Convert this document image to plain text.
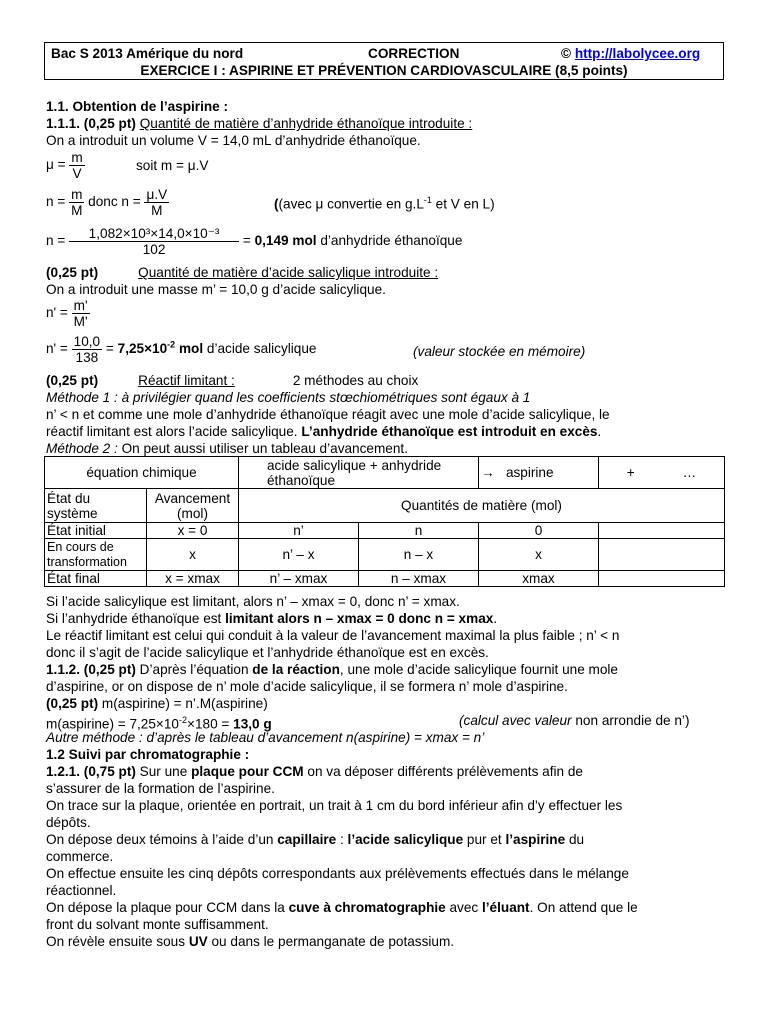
Bac S 2013 Amérique du nord	CORRECTION	© http://labolycee.org
EXERCICE I : ASPIRINE ET PRÉVENTION CARDIOVASCULAIRE (8,5 points)
1.1. Obtention de l’aspirine :
1.1.1. (0,25 pt) Quantité de matière d’anhydride éthanoïque introduite :
On a introduit un volume V = 14,0 mL d’anhydride éthanoïque.
$\mu = \frac{m}{V}$	soit m = μ.V
$n = \frac{m}{M}$ donc $n = \frac{\mu.V}{M}$	((avec μ convertie en $g.L^{-1}$ et V en L)
$n = \frac{\text{1,082×10³×14,0×10⁻³}}{102} = 0,149$ mol d’anhydride éthanoïque
(0,25 pt)	Quantité de matière d’acide salicylique introduite :
On a introduit une masse m’ = 10,0 g d’acide salicylique.
$n' = \frac{m'}{M'}$
$n' = \frac{10,0}{138} = 7,25\times 10^{-2}$ mol d’acide salicylique	(valeur stockée en mémoire)
(0,25 pt)	Réactif limitant :	2 méthodes au choix
Méthode 1 : à privilégier quand les coefficients stœchiométriques sont égaux à 1
n’ < n et comme une mole d’anhydride éthanoïque réagit avec une mole d’acide salicylique, le
réactif limitant est alors l’acide salicylique. L’anhydride éthanoïque est introduit en excès.
Méthode 2 : On peut aussi utiliser un tableau d’avancement.
équation chimique		acide salicylique + anhydride éthanoïque		→ aspirine	+ …
État du système	Avancement (mol)	Quantités de matière (mol)			
État initial	x = 0	n’	n	0	
En cours de transformation	x	n’ – x	n – x	x	
État final	x = xmax	n’ – xmax	n – xmax	xmax	
Si l’acide salicylique est limitant, alors n’ – xmax = 0, donc n’ = xmax.
Si l’anhydride éthanoïque est limitant alors n – xmax = 0 donc n = xmax.
Le réactif limitant est celui qui conduit à la valeur de l’avancement maximal la plus faible ; n’ < n
donc il s’agit de l’acide salicylique et l’anhydride éthanoïque est en excès.
1.1.2. (0,25 pt) D’après l’équation de la réaction, une mole d’acide salicylique fournit une mole
d’aspirine, or on dispose de n’ mole d’acide salicylique, il se formera n’ mole d’aspirine.
(0,25 pt) m(aspirine) = n’.M(aspirine)
m(aspirine) = $7,25\times 10^{-2}\times 180 = 13,0$ g	(calcul avec valeur non arrondie de n’)
Autre méthode : d’après le tableau d’avancement n(aspirine) = xmax = n’
1.2 Suivi par chromatographie :
1.2.1. (0,75 pt) Sur une plaque pour CCM on va déposer différents prélèvements afin de
s’assurer de la formation de l’aspirine.
On trace sur la plaque, orientée en portrait, un trait à 1 cm du bord inférieur afin d’y effectuer les
dépôts.
On dépose deux témoins à l’aide d’un capillaire : l’acide salicylique pur et l’aspirine du
commerce.
On effectue ensuite les cinq dépôts correspondants aux prélèvements effectués dans le mélange
réactionnel.
On dépose la plaque pour CCM dans la cuve à chromatographie avec l’éluant. On attend que le
front du solvant monte suffisamment.
On révèle ensuite sous UV ou dans le permanganate de potassium.
